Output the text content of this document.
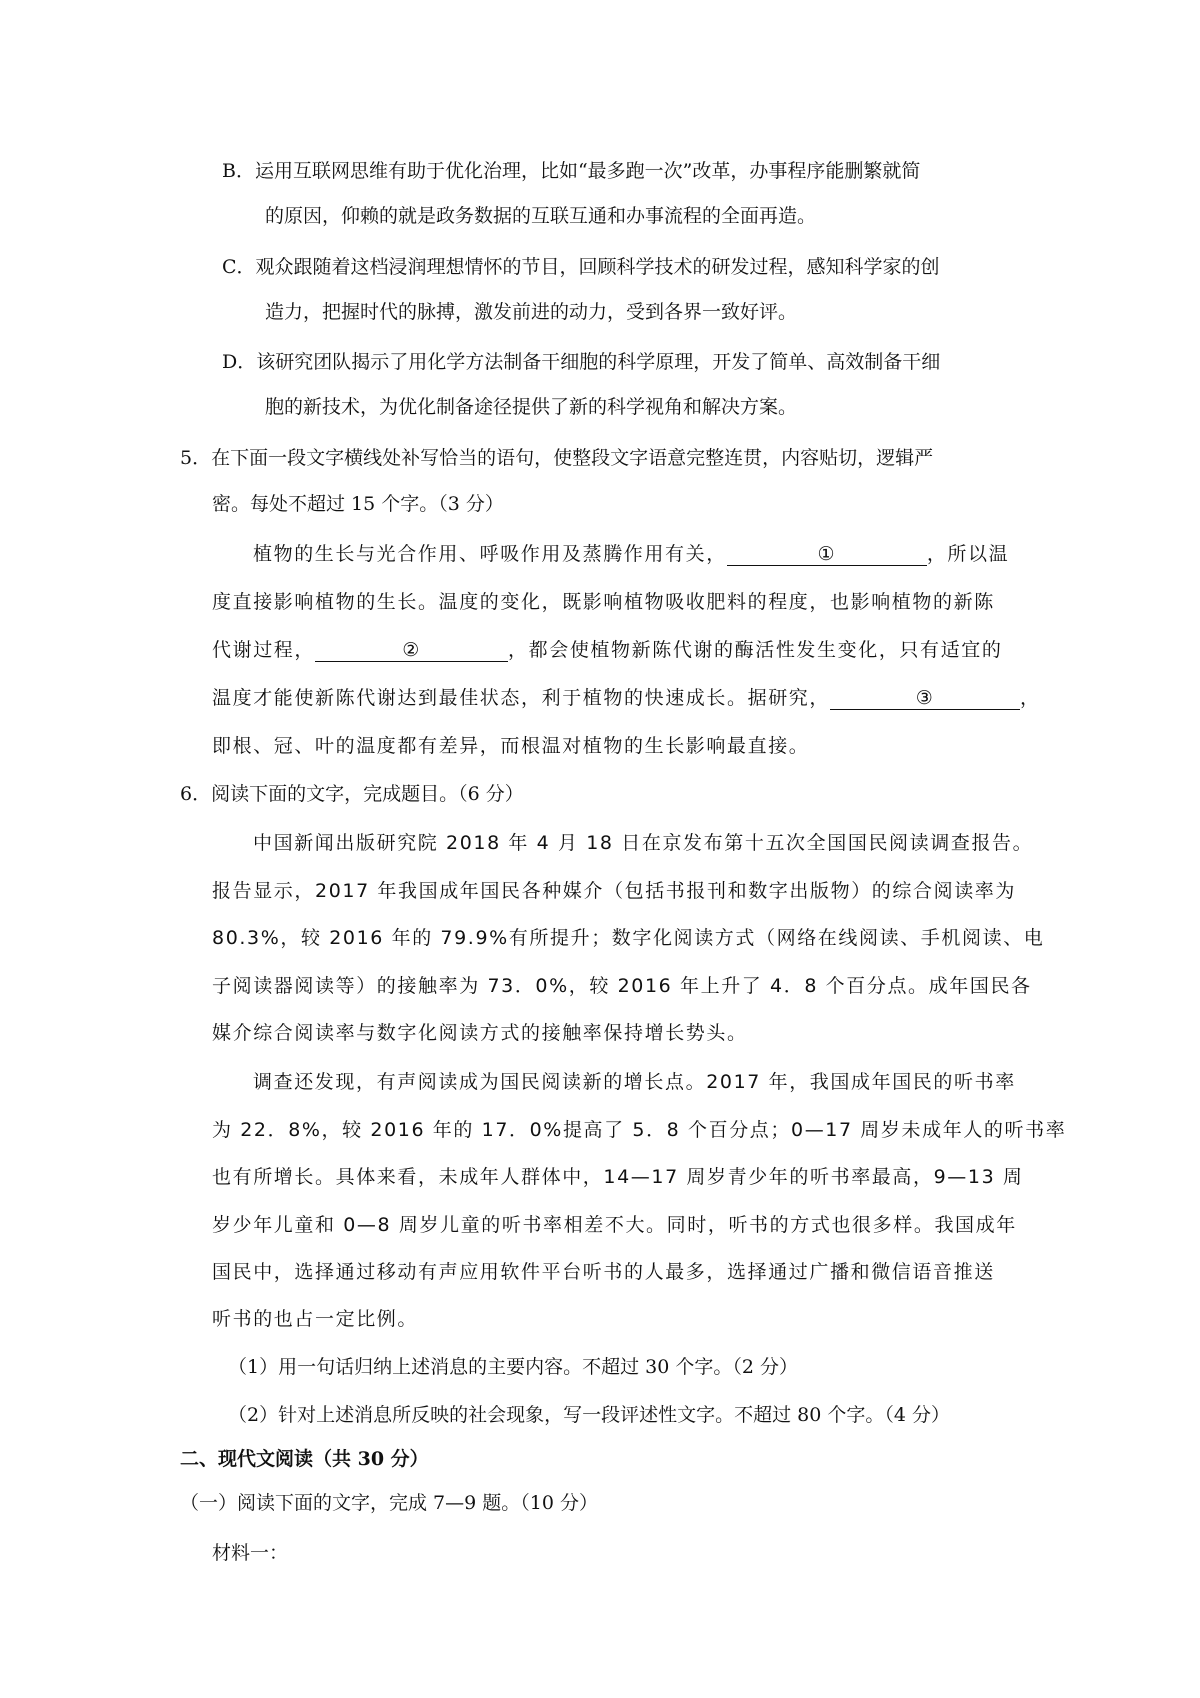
B．运用互联网思维有助于优化治理，比如“最多跑一次”改革，办事程序能删繁就简
的原因，仰赖的就是政务数据的互联互通和办事流程的全面再造。
C．观众跟随着这档浸润理想情怀的节目，回顾科学技术的研发过程，感知科学家的创
造力，把握时代的脉搏，激发前进的动力，受到各界一致好评。
D．该研究团队揭示了用化学方法制备干细胞的科学原理，开发了简单、高效制备干细
胞的新技术，为优化制备途径提供了新的科学视角和解决方案。
5．在下面一段文字横线处补写恰当的语句，使整段文字语意完整连贯，内容贴切，逻辑严
密。每处不超过 15 个字。（3 分）
植物的生长与光合作用、呼吸作用及蒸腾作用有关，	①	，所以温
度直接影响植物的生长。温度的变化，既影响植物吸收肥料的程度，也影响植物的新陈
代谢过程，	②	，都会使植物新陈代谢的酶活性发生变化，只有适宜的
温度才能使新陈代谢达到最佳状态，利于植物的快速成长。据研究，	③	，
即根、冠、叶的温度都有差异，而根温对植物的生长影响最直接。
6．阅读下面的文字，完成题目。（6 分）
中国新闻出版研究院 2018 年 4 月 18 日在京发布第十五次全国国民阅读调查报告。
报告显示，2017 年我国成年国民各种媒介（包括书报刊和数字出版物）的综合阅读率为
80.3%，较 2016 年的 79.9%有所提升；数字化阅读方式（网络在线阅读、手机阅读、电
子阅读器阅读等）的接触率为 73．0%，较 2016 年上升了 4．8 个百分点。成年国民各
媒介综合阅读率与数字化阅读方式的接触率保持增长势头。
调查还发现，有声阅读成为国民阅读新的增长点。2017 年，我国成年国民的听书率
为 22．8%，较 2016 年的 17．0%提高了 5．8 个百分点；0—17 周岁未成年人的听书率
也有所增长。具体来看，未成年人群体中，14—17 周岁青少年的听书率最高，9—13 周
岁少年儿童和 0—8 周岁儿童的听书率相差不大。同时，听书的方式也很多样。我国成年
国民中，选择通过移动有声应用软件平台听书的人最多，选择通过广播和微信语音推送
听书的也占一定比例。
（1）用一句话归纳上述消息的主要内容。不超过 30 个字。（2 分）
（2）针对上述消息所反映的社会现象，写一段评述性文字。不超过 80 个字。（4 分）
二、现代文阅读（共 30 分）
（一）阅读下面的文字，完成 7—9 题。（10 分）
材料一：
